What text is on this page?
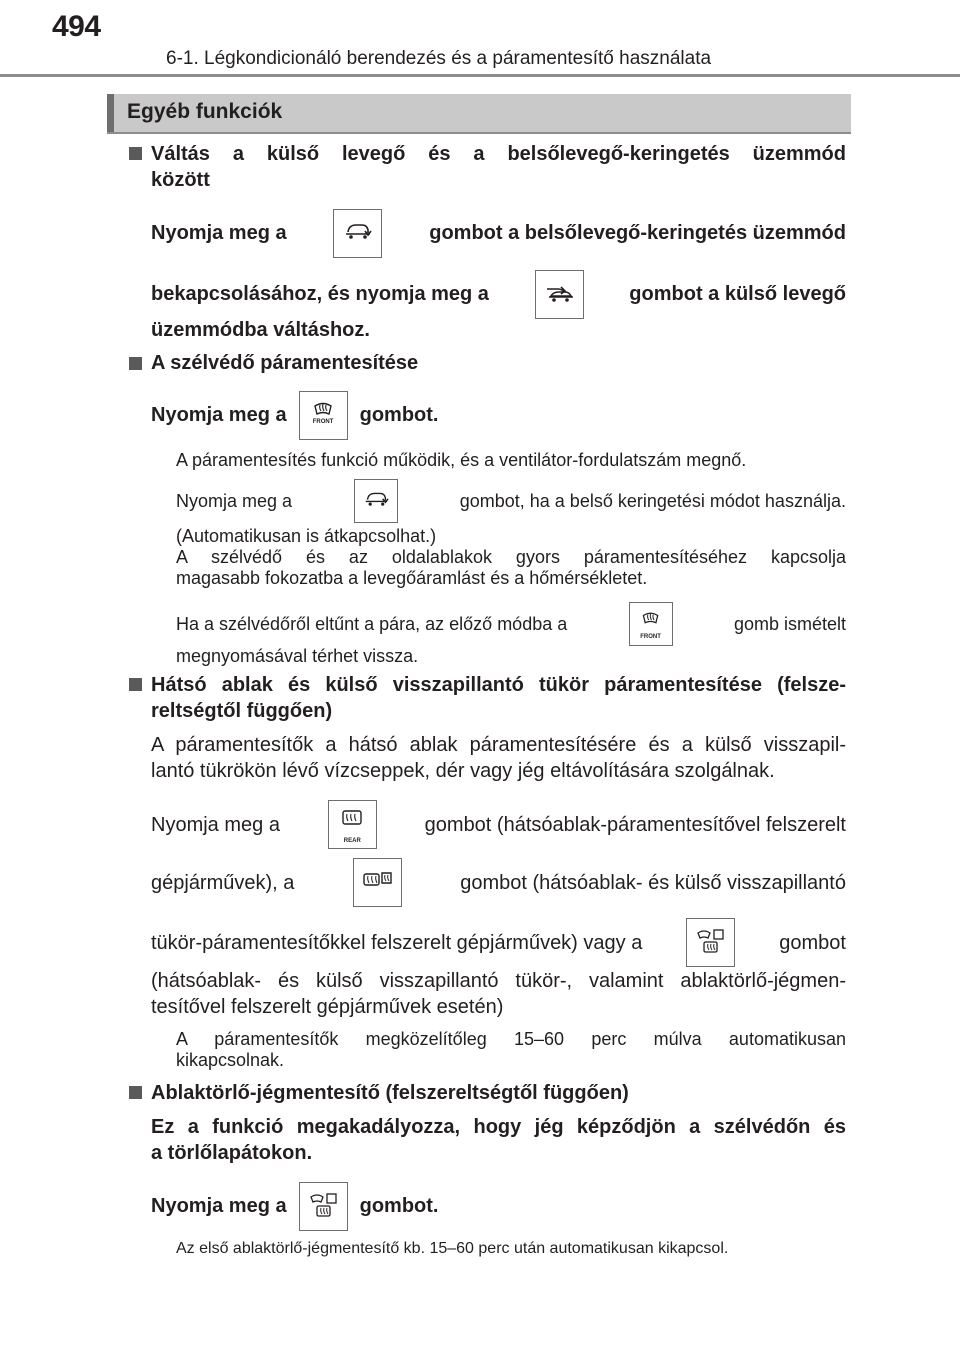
494
6-1. Légkondicionáló berendezés és a páramentesítő használata
Egyéb funkciók
Váltás a külső levegő és a belsőlevegő-keringetés üzemmód
között
Nyomja meg a	gombot a belsőlevegő-keringetés üzemmód
bekapcsolásához, és nyomja meg a	gombot a külső levegő
üzemmódba váltáshoz.
A szélvédő páramentesítése
Nyomja meg a	FRONT	gombot.
A páramentesítés funkció működik, és a ventilátor-fordulatszám megnő.
Nyomja meg a	gombot, ha a belső keringetési módot használja.
(Automatikusan is átkapcsolhat.)
A szélvédő és az oldalablakok gyors páramentesítéséhez kapcsolja
magasabb fokozatba a levegőáramlást és a hőmérsékletet.
Ha a szélvédőről eltűnt a pára, az előző módba a
FRONT
gomb ismételt
megnyomásával térhet vissza.
Hátsó ablak és külső visszapillantó tükör páramentesítése (felsze-
reltségtől függően)
A páramentesítők a hátsó ablak páramentesítésére és a külső visszapil-
lantó tükrökön lévő vízcseppek, dér vagy jég eltávolítására szolgálnak.
Nyomja meg a
REAR
gombot (hátsóablak-páramentesítővel felszerelt
gépjárművek), a	gombot (hátsóablak- és külső visszapillantó
tükör-páramentesítőkkel felszerelt gépjárművek) vagy a	gombot
(hátsóablak- és külső visszapillantó tükör-, valamint ablaktörlő-jégmen-
tesítővel felszerelt gépjárművek esetén)
A páramentesítők megközelítőleg 15–60 perc múlva automatikusan
kikapcsolnak.
Ablaktörlő-jégmentesítő (felszereltségtől függően)
Ez a funkció megakadályozza, hogy jég képződjön a szélvédőn és
a törlőlapátokon.
Nyomja meg a	gombot.
Az első ablaktörlő-jégmentesítő kb. 15–60 perc után automatikusan kikapcsol.
